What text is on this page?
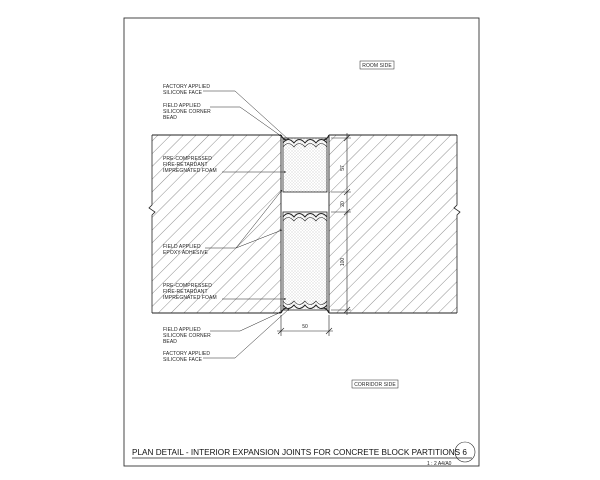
57
20
100
50
ROOM SIDE
CORRIDOR SIDE
FACTORY APPLIED
SILICONE FACE
FIELD APPLIED
SILICONE CORNER
BEAD
PRE-COMPRESSED
FIRE-RETARDANT
IMPREGNATED FOAM
FIELD APPLIED
EPOXY ADHESIVE
PRE-COMPRESSED
FIRE-RETARDANT
IMPREGNATED FOAM
FIELD APPLIED
SILICONE CORNER
BEAD
FACTORY APPLIED
SILICONE FACE
PLAN DETAIL - INTERIOR EXPANSION JOINTS FOR CONCRETE BLOCK PARTITIONS 6
1 : 2 A4/A0
